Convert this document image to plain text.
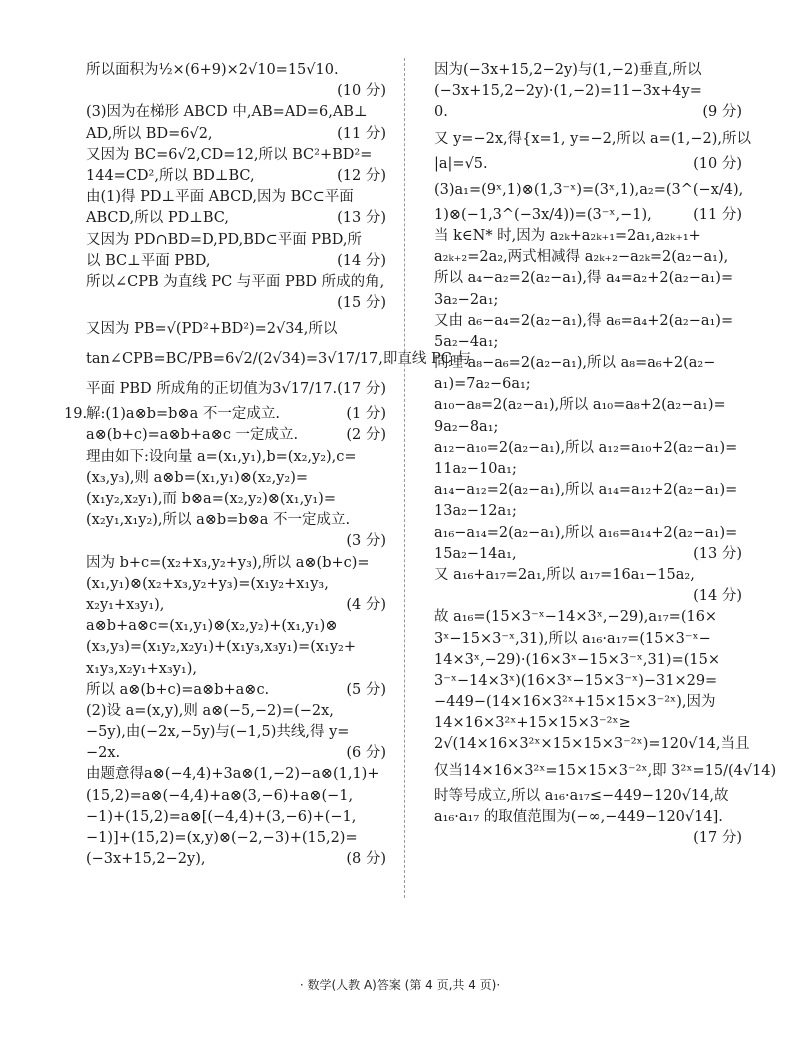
所以面积为½×(6+9)×2√10=15√10.
(10 分)
(3)因为在梯形 ABCD 中,AB=AD=6,AB⊥
AD,所以 BD=6√2,	(11 分)
又因为 BC=6√2,CD=12,所以 BC²+BD²=
144=CD²,所以 BD⊥BC,	(12 分)
由(1)得 PD⊥平面 ABCD,因为 BC⊂平面
ABCD,所以 PD⊥BC,	(13 分)
又因为 PD∩BD=D,PD,BD⊂平面 PBD,所
以 BC⊥平面 PBD,	(14 分)
所以∠CPB 为直线 PC 与平面 PBD 所成的角,
(15 分)
又因为 PB=√(PD²+BD²)=2√34,所以
tan∠CPB=BC/PB=6√2/(2√34)=3√17/17,即直线 PC 与
平面 PBD 所成角的正切值为3√17/17. (17 分)
19.
解:(1)a⊗b=b⊗a 不一定成立.	(1 分)
a⊗(b+c)=a⊗b+a⊗c 一定成立.	(2 分)
理由如下:设向量 a=(x₁,y₁),b=(x₂,y₂),c=
(x₃,y₃),则 a⊗b=(x₁,y₁)⊗(x₂,y₂)=
(x₁y₂,x₂y₁),而 b⊗a=(x₂,y₂)⊗(x₁,y₁)=
(x₂y₁,x₁y₂),所以 a⊗b=b⊗a 不一定成立.
(3 分)
因为 b+c=(x₂+x₃,y₂+y₃),所以 a⊗(b+c)=
(x₁,y₁)⊗(x₂+x₃,y₂+y₃)=(x₁y₂+x₁y₃,
x₂y₁+x₃y₁),	(4 分)
a⊗b+a⊗c=(x₁,y₁)⊗(x₂,y₂)+(x₁,y₁)⊗
(x₃,y₃)=(x₁y₂,x₂y₁)+(x₁y₃,x₃y₁)=(x₁y₂+
x₁y₃,x₂y₁+x₃y₁),
所以 a⊗(b+c)=a⊗b+a⊗c.	(5 分)
(2)设 a=(x,y),则 a⊗(−5,−2)=(−2x,
−5y),由(−2x,−5y)与(−1,5)共线,得 y=
−2x.	(6 分)
由题意得a⊗(−4,4)+3a⊗(1,−2)−a⊗(1,1)+
(15,2)=a⊗(−4,4)+a⊗(3,−6)+a⊗(−1,
−1)+(15,2)=a⊗[(−4,4)+(3,−6)+(−1,
−1)]+(15,2)=(x,y)⊗(−2,−3)+(15,2)=
(−3x+15,2−2y),	(8 分)
因为(−3x+15,2−2y)与(1,−2)垂直,所以
(−3x+15,2−2y)·(1,−2)=11−3x+4y=
0.	(9 分)
又 y=−2x,得{x=1, y=−2,所以 a=(1,−2),所以
|a|=√5.	(10 分)
(3)a₁=(9ˣ,1)⊗(1,3⁻ˣ)=(3ˣ,1),a₂=(3^(−x/4),
1)⊗(−1,3^(−3x/4))=(3⁻ˣ,−1),	(11 分)
当 k∈N* 时,因为 a₂ₖ+a₂ₖ₊₁=2a₁,a₂ₖ₊₁+
a₂ₖ₊₂=2a₂,两式相减得 a₂ₖ₊₂−a₂ₖ=2(a₂−a₁),
所以 a₄−a₂=2(a₂−a₁),得 a₄=a₂+2(a₂−a₁)=
3a₂−2a₁;
又由 a₆−a₄=2(a₂−a₁),得 a₆=a₄+2(a₂−a₁)=
5a₂−4a₁;
同理 a₈−a₆=2(a₂−a₁),所以 a₈=a₆+2(a₂−
a₁)=7a₂−6a₁;
a₁₀−a₈=2(a₂−a₁),所以 a₁₀=a₈+2(a₂−a₁)=
9a₂−8a₁;
a₁₂−a₁₀=2(a₂−a₁),所以 a₁₂=a₁₀+2(a₂−a₁)=
11a₂−10a₁;
a₁₄−a₁₂=2(a₂−a₁),所以 a₁₄=a₁₂+2(a₂−a₁)=
13a₂−12a₁;
a₁₆−a₁₄=2(a₂−a₁),所以 a₁₆=a₁₄+2(a₂−a₁)=
15a₂−14a₁,	(13 分)
又 a₁₆+a₁₇=2a₁,所以 a₁₇=16a₁−15a₂,
(14 分)
故 a₁₆=(15×3⁻ˣ−14×3ˣ,−29),a₁₇=(16×
3ˣ−15×3⁻ˣ,31),所以 a₁₆·a₁₇=(15×3⁻ˣ−
14×3ˣ,−29)·(16×3ˣ−15×3⁻ˣ,31)=(15×
3⁻ˣ−14×3ˣ)(16×3ˣ−15×3⁻ˣ)−31×29=
−449−(14×16×3²ˣ+15×15×3⁻²ˣ),因为
14×16×3²ˣ+15×15×3⁻²ˣ≥
2√(14×16×3²ˣ×15×15×3⁻²ˣ)=120√14,当且
仅当14×16×3²ˣ=15×15×3⁻²ˣ,即 3²ˣ=15/(4√14)
时等号成立,所以 a₁₆·a₁₇≤−449−120√14,故
a₁₆·a₁₇ 的取值范围为(−∞,−449−120√14].
(17 分)
· 数学(人教 A)答案 (第 4 页,共 4 页)·
